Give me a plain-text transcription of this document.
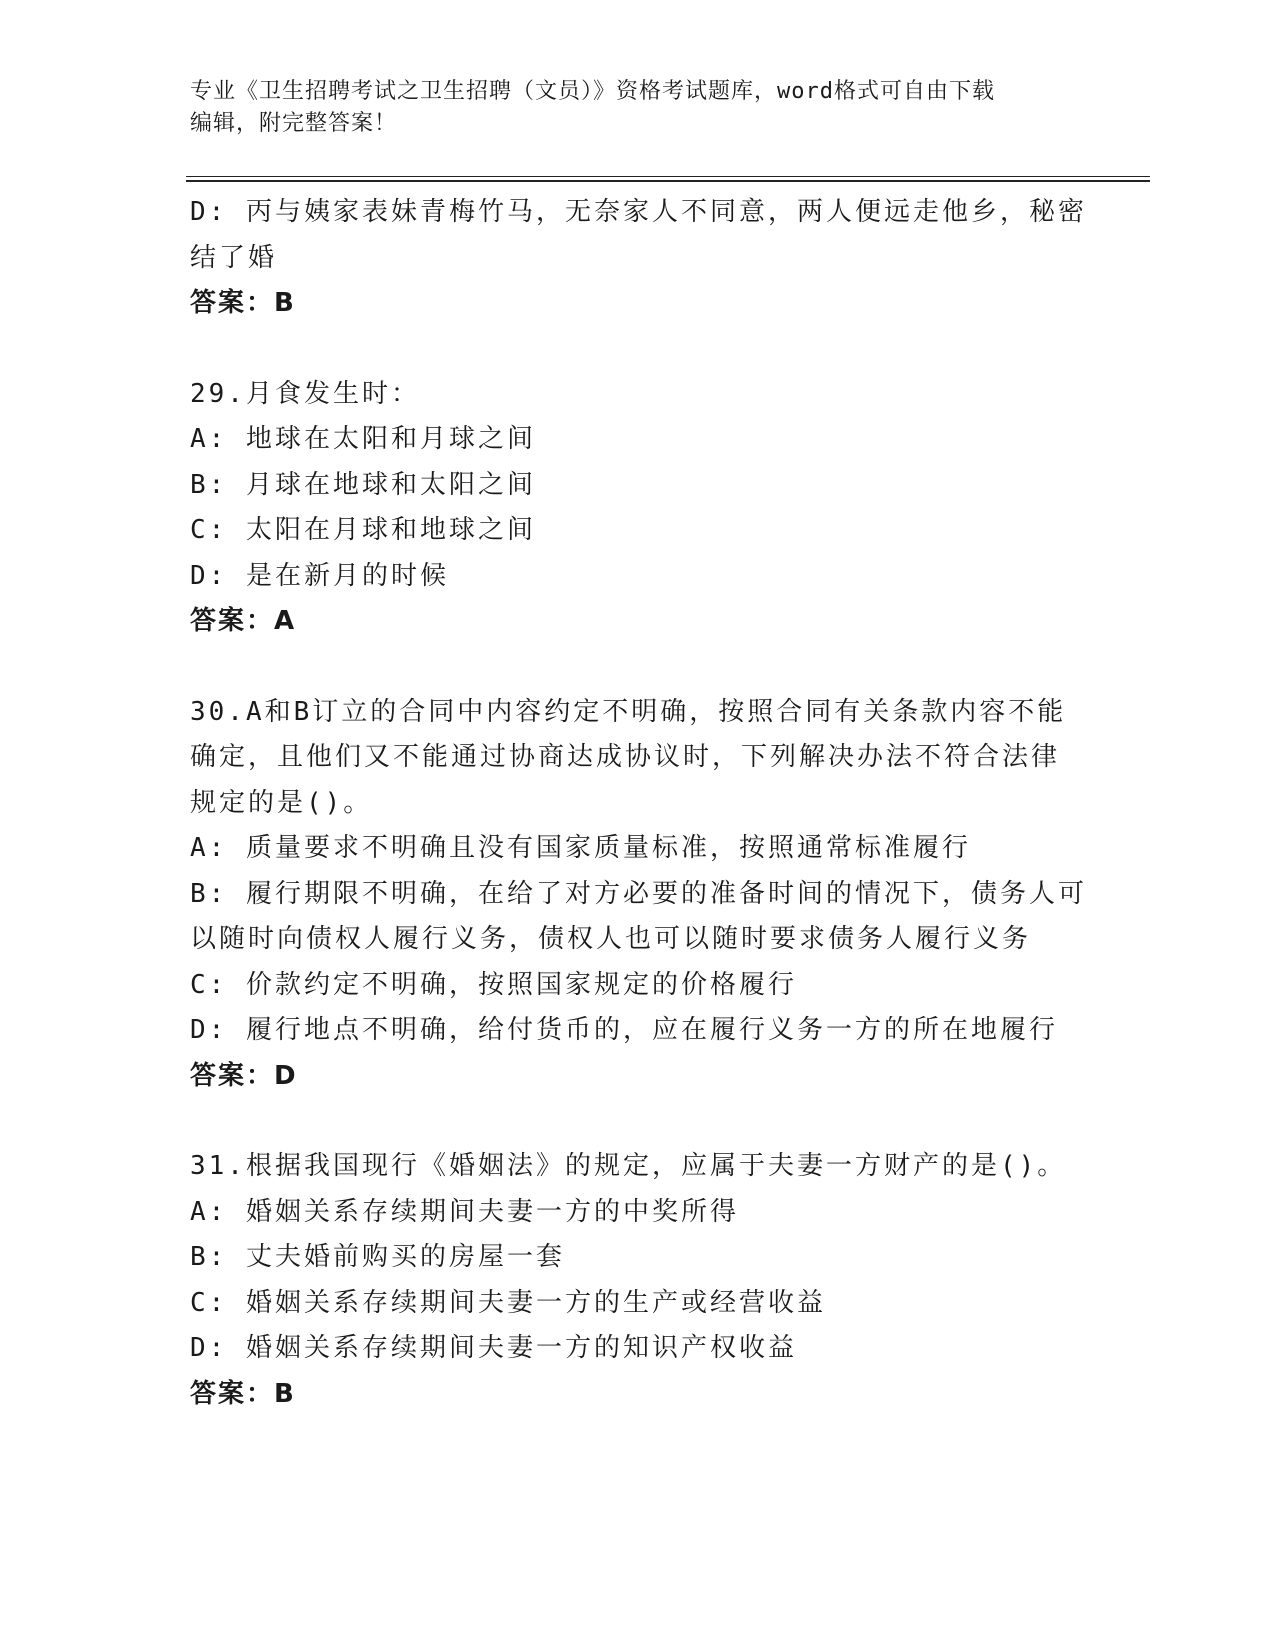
专业《卫生招聘考试之卫生招聘（文员）》资格考试题库，word格式可自由下载
编辑，附完整答案！
D: 丙与姨家表妹青梅竹马，无奈家人不同意，两人便远走他乡，秘密
结了婚
答案：B
29.月食发生时：
A: 地球在太阳和月球之间
B: 月球在地球和太阳之间
C: 太阳在月球和地球之间
D: 是在新月的时候
答案：A
30.A和B订立的合同中内容约定不明确，按照合同有关条款内容不能
确定，且他们又不能通过协商达成协议时，下列解决办法不符合法律
规定的是()。
A: 质量要求不明确且没有国家质量标准，按照通常标准履行
B: 履行期限不明确，在给了对方必要的准备时间的情况下，债务人可
以随时向债权人履行义务，债权人也可以随时要求债务人履行义务
C: 价款约定不明确，按照国家规定的价格履行
D: 履行地点不明确，给付货币的，应在履行义务一方的所在地履行
答案：D
31.根据我国现行《婚姻法》的规定，应属于夫妻一方财产的是()。
A: 婚姻关系存续期间夫妻一方的中奖所得
B: 丈夫婚前购买的房屋一套
C: 婚姻关系存续期间夫妻一方的生产或经营收益
D: 婚姻关系存续期间夫妻一方的知识产权收益
答案：B
